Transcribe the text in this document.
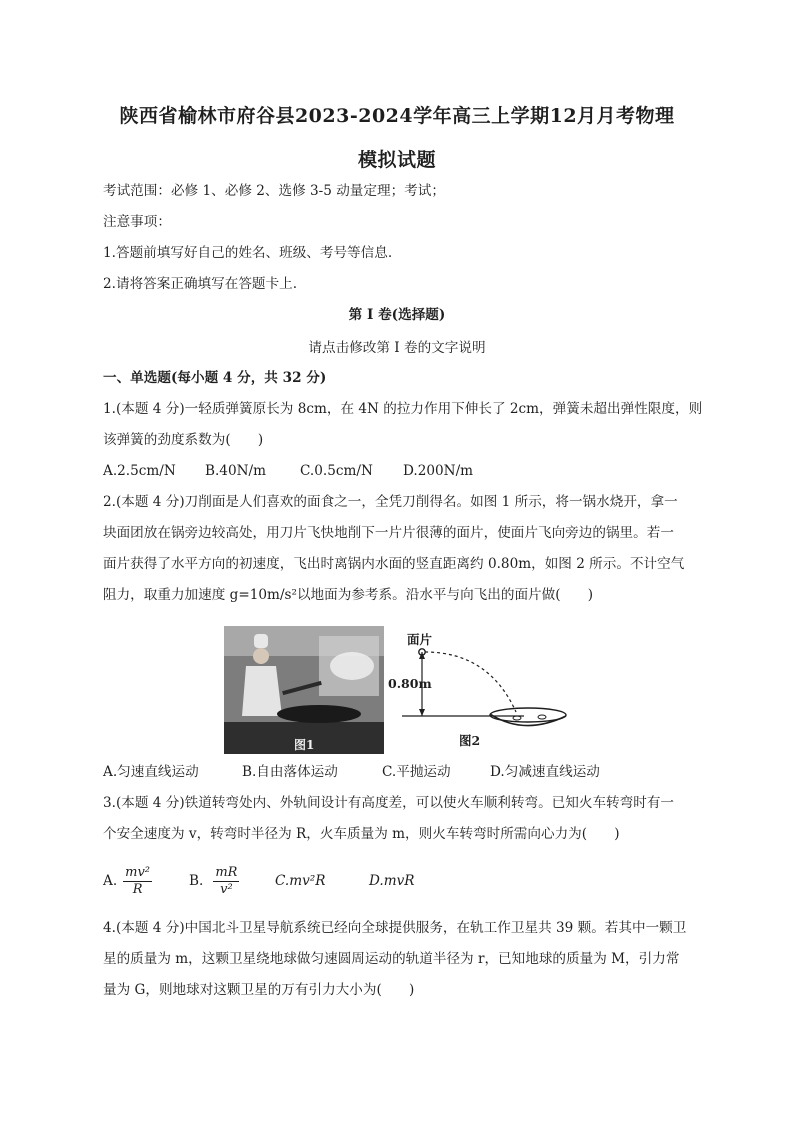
陕西省榆林市府谷县2023-2024学年高三上学期12月月考物理
模拟试题
考试范围：必修 1、必修 2、选修 3-5 动量定理；考试；
注意事项：
1.答题前填写好自己的姓名、班级、考号等信息.
2.请将答案正确填写在答题卡上.
第 I 卷(选择题)
请点击修改第 I 卷的文字说明
一、单选题(每小题 4 分，共 32 分)
1.(本题 4 分)一轻质弹簧原长为 8cm，在 4N 的拉力作用下伸长了 2cm，弹簧未超出弹性限度，则
该弹簧的劲度系数为(　　)
A.2.5cm/N B.40N/m	C.0.5cm/N D.200N/m
2.(本题 4 分)刀削面是人们喜欢的面食之一，全凭刀削得名。如图 1 所示，将一锅水烧开，拿一
块面团放在锅旁边较高处，用刀片飞快地削下一片片很薄的面片，使面片飞向旁边的锅里。若一
面片获得了水平方向的初速度，飞出时离锅内水面的竖直距离约 0.80m，如图 2 所示。不计空气
阻力，取重力加速度 g=10m/s²以地面为参考系。沿水平与向飞出的面片做(　　)
图1
面片
0.80m
图2
A.匀速直线运动	B.自由落体运动	C.平抛运动	D.匀减速直线运动
3.(本题 4 分)铁道转弯处内、外轨间设计有高度差，可以使火车顺利转弯。已知火车转弯时有一
个安全速度为 v，转弯时半径为 R，火车质量为 m，则火车转弯时所需向心力为(　　)
A. $\frac{\text{mv²}}{R}$	B. $\frac{mR}{\text{v²}}$	C.mv²R	D.mvR
4.(本题 4 分)中国北斗卫星导航系统已经向全球提供服务，在轨工作卫星共 39 颗。若其中一颗卫
星的质量为 m，这颗卫星绕地球做匀速圆周运动的轨道半径为 r，已知地球的质量为 M，引力常
量为 G，则地球对这颗卫星的万有引力大小为(　　)
